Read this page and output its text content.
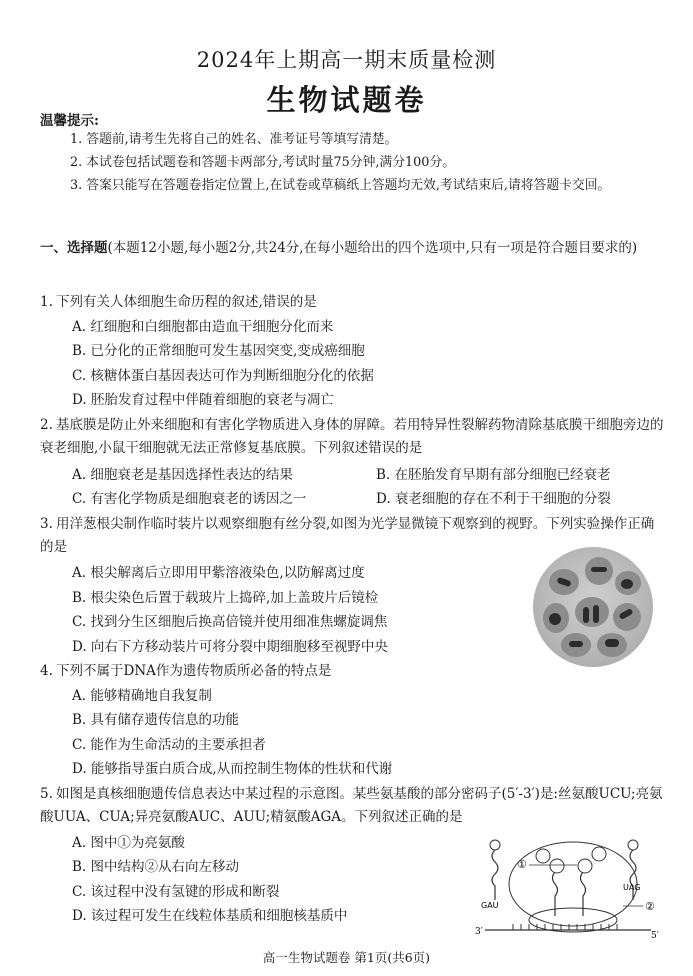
2024年上期高一期末质量检测
生物试题卷
温馨提示:
1. 答题前,请考生先将自己的姓名、准考证号等填写清楚。
2. 本试卷包括试题卷和答题卡两部分,考试时量75分钟,满分100分。
3. 答案只能写在答题卷指定位置上,在试卷或草稿纸上答题均无效,考试结束后,请将答题卡交回。
一、选择题(本题12小题,每小题2分,共24分,在每小题给出的四个选项中,只有一项是符合题目要求的)
1. 下列有关人体细胞生命历程的叙述,错误的是
A. 红细胞和白细胞都由造血干细胞分化而来
B. 已分化的正常细胞可发生基因突变,变成癌细胞
C. 核糖体蛋白基因表达可作为判断细胞分化的依据
D. 胚胎发育过程中伴随着细胞的衰老与凋亡
2. 基底膜是防止外来细胞和有害化学物质进入身体的屏障。若用特异性裂解药物清除基底膜干细胞旁边的衰老细胞,小鼠干细胞就无法正常修复基底膜。下列叙述错误的是
A. 细胞衰老是基因选择性表达的结果	B. 在胚胎发育早期有部分细胞已经衰老
C. 有害化学物质是细胞衰老的诱因之一	D. 衰老细胞的存在不利于干细胞的分裂
3. 用洋葱根尖制作临时装片以观察细胞有丝分裂,如图为光学显微镜下观察到的视野。下列实验操作正确的是
A. 根尖解离后立即用甲紫溶液染色,以防解离过度
B. 根尖染色后置于载玻片上捣碎,加上盖玻片后镜检
C. 找到分生区细胞后换高倍镜并使用细准焦螺旋调焦
D. 向右下方移动装片可将分裂中期细胞移至视野中央
4. 下列不属于DNA作为遗传物质所必备的特点是
A. 能够精确地自我复制
B. 具有储存遗传信息的功能
C. 能作为生命活动的主要承担者
D. 能够指导蛋白质合成,从而控制生物体的性状和代谢
5. 如图是真核细胞遗传信息表达中某过程的示意图。某些氨基酸的部分密码子(5′-3′)是:丝氨酸UCU;亮氨酸UUA、CUA;异亮氨酸AUC、AUU;精氨酸AGA。下列叙述正确的是
A. 图中①为亮氨酸
B. 图中结构②从右向左移动
C. 该过程中没有氢键的形成和断裂
D. 该过程可发生在线粒体基质和细胞核基质中
①
②
GAU
UAG
3′	5′
高一生物试题卷 第1页(共6页)
